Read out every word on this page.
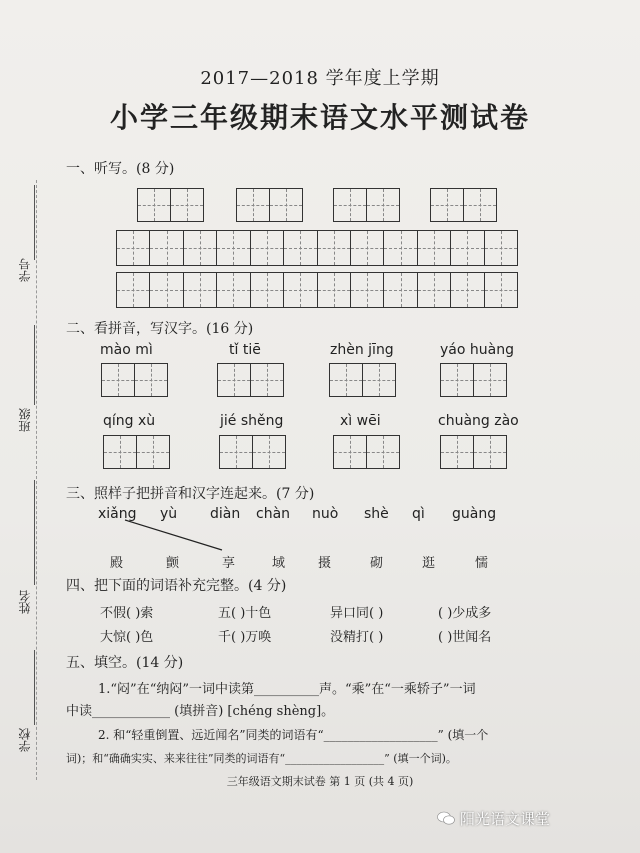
学号
班级
姓名
学校
2017—2018 学年度上学期
小学三年级期末语文水平测试卷
一、听写。(8 分)
二、看拼音，写汉字。(16 分)
mào mì	tǐ tiē	zhèn jīng	yáo huàng
qíng xù	jié shěng	xì wēi	chuàng zào
三、照样子把拼音和汉字连起来。(7 分)
xiǎng yù diàn chàn nuò shè qì guàng
殿	颤	享	域	摄	砌	逛	懦
四、把下面的词语补充完整。(4 分)
不假( )索	五( )十色	异口同( )	( )少成多
大惊( )色	千( )万唤	没精打( )	( )世闻名
五、填空。(14 分)
1.“闷”在“纳闷”一词中读第__________声。“乘”在“一乘轿子”一词
中读____________ (填拼音) [chéng shèng]。
2. 和“轻重倒置、远近闻名”同类的词语有“___________________” (填一个
词)；和“确确实实、来来往往”同类的词语有“__________________” (填一个词)。
三年级语文期末试卷 第 1 页 (共 4 页)
阳光语文课堂
